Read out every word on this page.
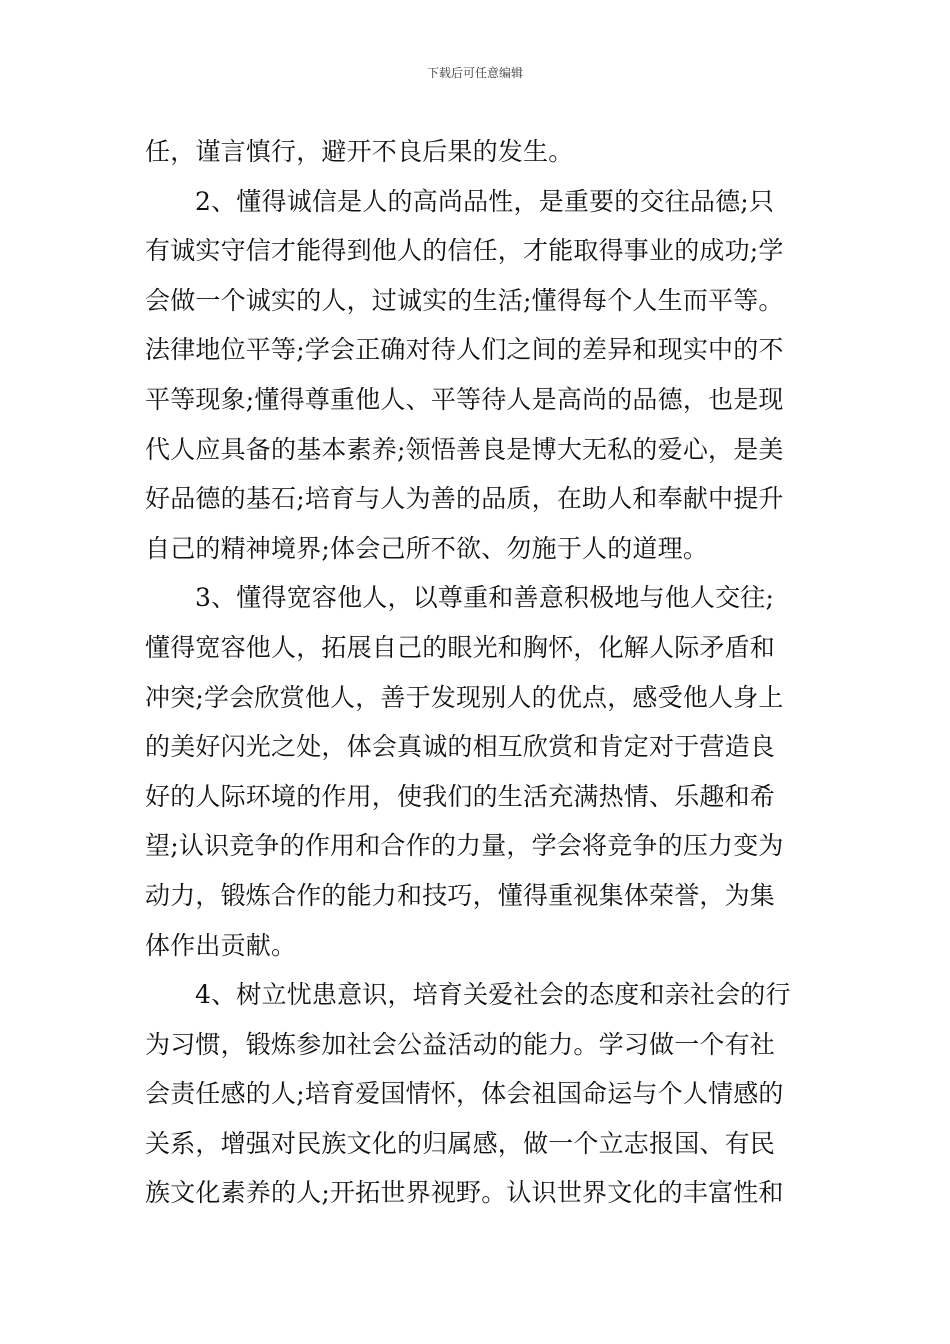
下载后可任意编辑
任，谨言慎行，避开不良后果的发生。
2、懂得诚信是人的高尚品性，是重要的交往品德;只
有诚实守信才能得到他人的信任，才能取得事业的成功;学
会做一个诚实的人，过诚实的生活;懂得每个人生而平等。
法律地位平等;学会正确对待人们之间的差异和现实中的不
平等现象;懂得尊重他人、平等待人是高尚的品德，也是现
代人应具备的基本素养;领悟善良是博大无私的爱心，是美
好品德的基石;培育与人为善的品质，在助人和奉献中提升
自己的精神境界;体会己所不欲、勿施于人的道理。
3、懂得宽容他人，以尊重和善意积极地与他人交往;
懂得宽容他人，拓展自己的眼光和胸怀，化解人际矛盾和
冲突;学会欣赏他人，善于发现别人的优点，感受他人身上
的美好闪光之处，体会真诚的相互欣赏和肯定对于营造良
好的人际环境的作用，使我们的生活充满热情、乐趣和希
望;认识竞争的作用和合作的力量，学会将竞争的压力变为
动力，锻炼合作的能力和技巧，懂得重视集体荣誉，为集
体作出贡献。
4、树立忧患意识，培育关爱社会的态度和亲社会的行
为习惯，锻炼参加社会公益活动的能力。学习做一个有社
会责任感的人;培育爱国情怀，体会祖国命运与个人情感的
关系，增强对民族文化的归属感，做一个立志报国、有民
族文化素养的人;开拓世界视野。认识世界文化的丰富性和
